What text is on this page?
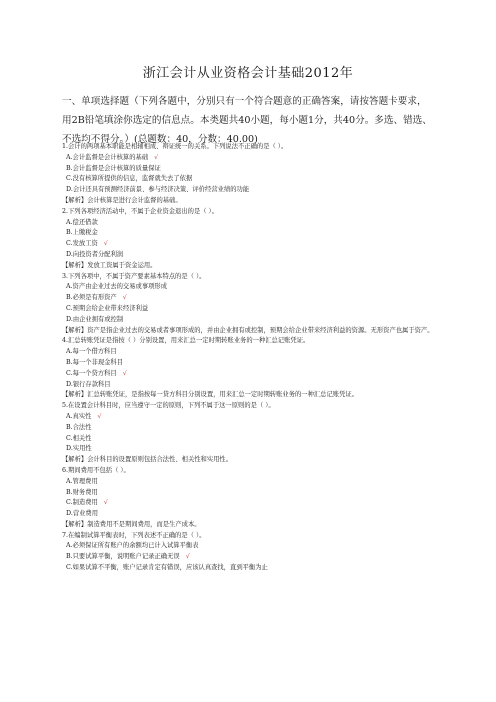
浙江会计从业资格会计基础2012年
一、单项选择题（下列各题中，分别只有一个符合题意的正确答案，请按答题卡要求，用2B铅笔填涂你选定的信息点。本类题共40小题，每小题1分，共40分。多选、错选、不选均不得分。）(总题数：40，分数：40.00)
1.会计的两项基本职能是相辅相成、辩证统一的关系。下列说法不正确的是（ ）。
A.会计监督是会计核算的基础 √
B.会计监督是会计核算的质量保证
C.没有核算所提供的信息，监督就失去了依据
D.会计还具有预测经济前景、参与经济决策、评价经营业绩的功能
【解析】会计核算是进行会计监督的基础。
2.下列各项经济活动中，不属于企业资金退出的是（ ）。
A.偿还借款
B.上缴税金
C.发放工资 √
D.向投资者分配利润
【解析】发放工资属于资金运用。
3.下列各项中，不属于资产要素基本特点的是（ ）。
A.资产由企业过去的交易或事项形成
B.必须是有形资产 √
C.预期会给企业带来经济利益
D.由企业拥有或控制
【解析】资产是指企业过去的交易或者事项形成的，并由企业拥有或控制，预期会给企业带来经济利益的资源。无形资产也属于资产。
4.汇总转账凭证是指按（ ）分别设置，用来汇总一定时期转账业务的一种汇总记账凭证。
A.每一个借方科目
B.每一个非现金科目
C.每一个贷方科目 √
D.银行存款科目
【解析】汇总转账凭证，是指按每一贷方科目分别设置，用来汇总一定时期转账业务的一种汇总记账凭证。
5.在设置会计科目时，应当遵守一定的原则，下列不属于这一原则的是（ ）。
A.真实性 √
B.合法性
C.相关性
D.实用性
【解析】会计科目的设置原则包括合法性、相关性和实用性。
6.期间费用不包括（ ）。
A.管理费用
B.财务费用
C.制造费用 √
D.营业费用
【解析】制造费用不是期间费用，而是生产成本。
7.在编制试算平衡表时，下列表述不正确的是（ ）。
A.必须保证所有账户的余额均已计入试算平衡表
B.只要试算平衡，说明账户记录正确无误 √
C.如果试算不平衡，账户记录肯定有错误，应该认真查找，直到平衡为止
